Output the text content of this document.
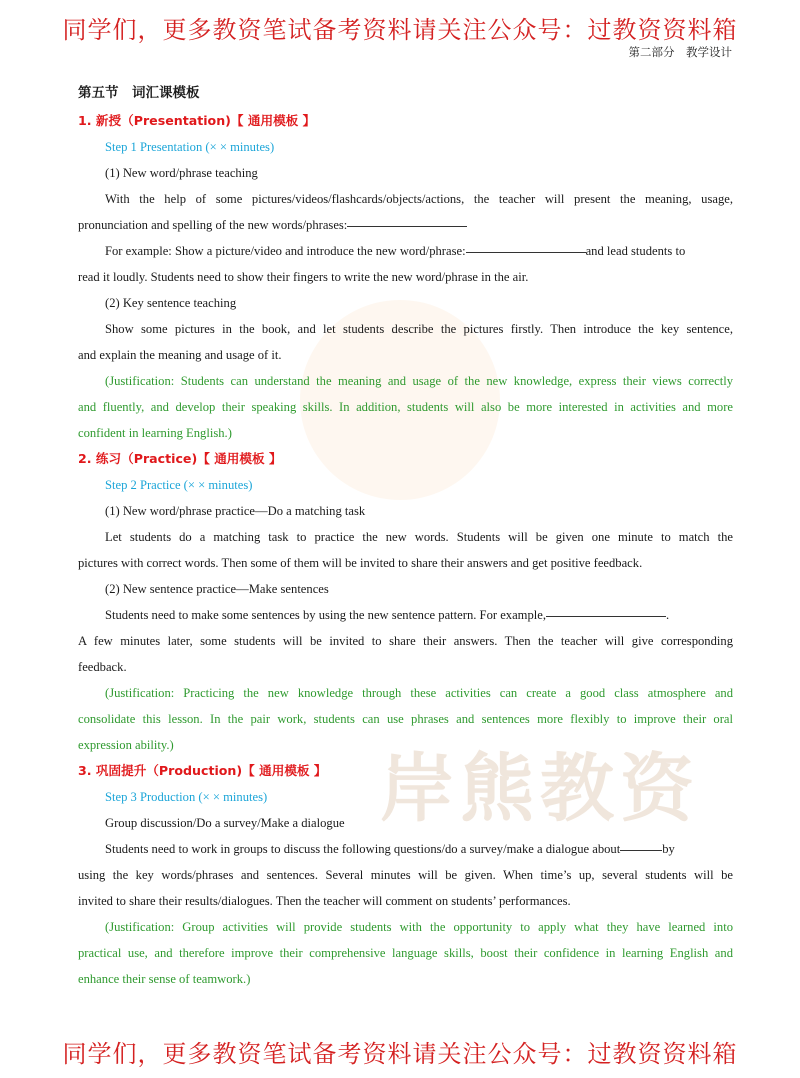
岸熊教资
同学们，更多教资笔试备考资料请关注公众号：过教资资料箱
第二部分　教学设计

第五节　词汇课模板

1. 新授（Presentation)【 通用模板 】

Step 1 Presentation (× × minutes)

(1) New word/phrase teaching

With the help of some pictures/videos/flashcards/objects/actions, the teacher will present the meaning, usage,

pronunciation and spelling of the new words/phrases:

For example: Show a picture/video and introduce the new word/phrase:	and lead students to

read it loudly. Students need to show their fingers to write the new word/phrase in the air.

(2) Key sentence teaching

Show some pictures in the book, and let students describe the pictures firstly. Then introduce the key sentence,

and explain the meaning and usage of it.

(Justification: Students can understand the meaning and usage of the new knowledge, express their views correctly

and fluently, and develop their speaking skills. In addition, students will also be more interested in activities and more

confident in learning English.)

2. 练习（Practice)【 通用模板 】

Step 2 Practice (× × minutes)

(1) New word/phrase practice—Do a matching task

Let students do a matching task to practice the new words. Students will be given one minute to match the

pictures with correct words. Then some of them will be invited to share their answers and get positive feedback.

(2) New sentence practice—Make sentences

Students need to make some sentences by using the new sentence pattern. For example,	.

A few minutes later, some students will be invited to share their answers. Then the teacher will give corresponding

feedback.

(Justification: Practicing the new knowledge through these activities can create a good class atmosphere and

consolidate this lesson. In the pair work, students can use phrases and sentences more flexibly to improve their oral

expression ability.)

3. 巩固提升（Production)【 通用模板 】

Step 3 Production (× × minutes)

Group discussion/Do a survey/Make a dialogue

Students need to work in groups to discuss the following questions/do a survey/make a dialogue about	by

using the key words/phrases and sentences. Several minutes will be given. When time’s up, several students will be

invited to share their results/dialogues. Then the teacher will comment on students’ performances.

(Justification: Group activities will provide students with the opportunity to apply what they have learned into

practical use, and therefore improve their comprehensive language skills, boost their confidence in learning English and

enhance their sense of teamwork.)

同学们，更多教资笔试备考资料请关注公众号：过教资资料箱
